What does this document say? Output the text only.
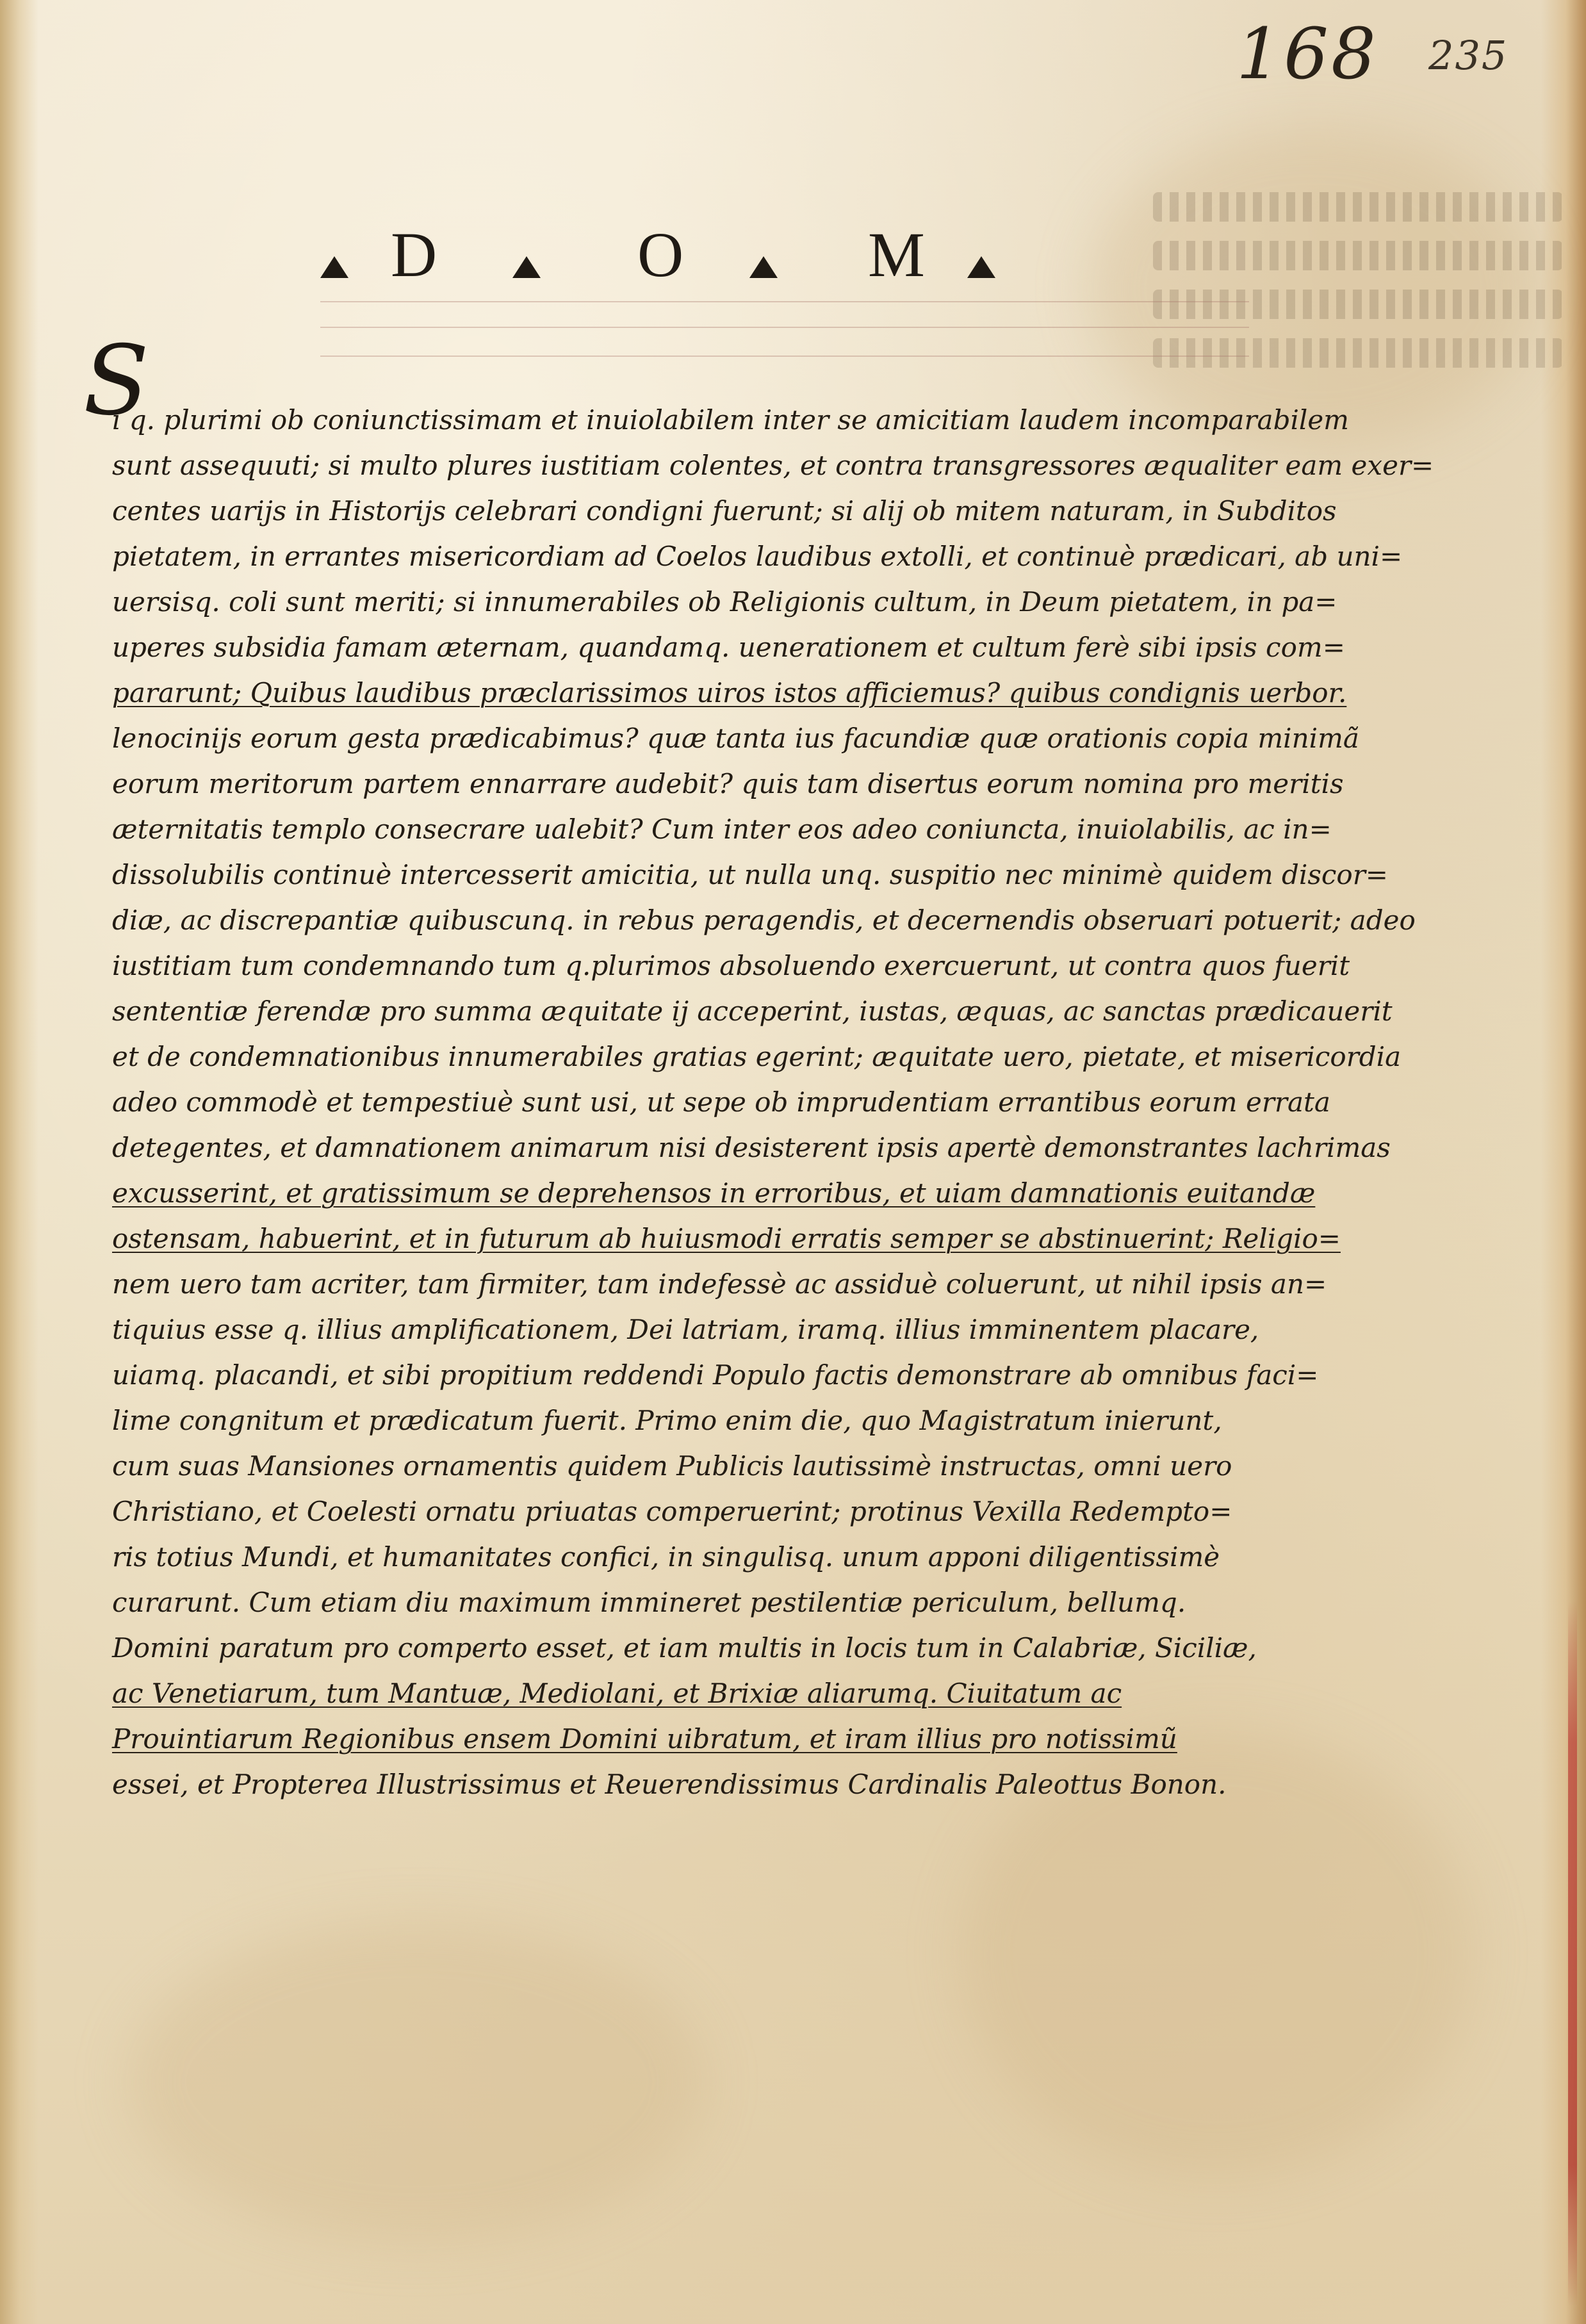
168 235
D	O	M
S
i q. plurimi ob coniunctissimam et inuiolabilem inter se amicitiam laudem incomparabilem
sunt assequuti; si multo plures iustitiam colentes, et contra transgressores æqualiter eam exer=
centes uarijs in Historijs celebrari condigni fuerunt; si alij ob mitem naturam, in Subditos
pietatem, in errantes misericordiam ad Coelos laudibus extolli, et continuè prædicari, ab uni=
uersisq. coli sunt meriti; si innumerabiles ob Religionis cultum, in Deum pietatem, in pa=
uperes subsidia famam æternam, quandamq. uenerationem et cultum ferè sibi ipsis com=
pararunt; Quibus laudibus præclarissimos uiros istos afficiemus? quibus condignis uerbor.
lenocinijs eorum gesta prædicabimus? quæ tanta ius facundiæ quæ orationis copia minimã
eorum meritorum partem ennarrare audebit? quis tam disertus eorum nomina pro meritis
æternitatis templo consecrare ualebit? Cum inter eos adeo coniuncta, inuiolabilis, ac in=
dissolubilis continuè intercesserit amicitia, ut nulla unq. suspitio nec minimè quidem discor=
diæ, ac discrepantiæ quibuscunq. in rebus peragendis, et decernendis obseruari potuerit; adeo
iustitiam tum condemnando tum q.plurimos absoluendo exercuerunt, ut contra quos fuerit
sententiæ ferendæ pro summa æquitate ij acceperint, iustas, æquas, ac sanctas prædicauerit
et de condemnationibus innumerabiles gratias egerint; æquitate uero, pietate, et misericordia
adeo commodè et tempestiuè sunt usi, ut sepe ob imprudentiam errantibus eorum errata
detegentes, et damnationem animarum nisi desisterent ipsis apertè demonstrantes lachrimas
excusserint, et gratissimum se deprehensos in erroribus, et uiam damnationis euitandæ
ostensam, habuerint, et in futurum ab huiusmodi erratis semper se abstinuerint; Religio=
nem uero tam acriter, tam firmiter, tam indefessè ac assiduè coluerunt, ut nihil ipsis an=
tiquius esse q. illius amplificationem, Dei latriam, iramq. illius imminentem placare,
uiamq. placandi, et sibi propitium reddendi Populo factis demonstrare ab omnibus faci=
lime congnitum et prædicatum fuerit. Primo enim die, quo Magistratum inierunt,
cum suas Mansiones ornamentis quidem Publicis lautissimè instructas, omni uero
Christiano, et Coelesti ornatu priuatas comperuerint; protinus Vexilla Redempto=
ris totius Mundi, et humanitates confici, in singulisq. unum apponi diligentissimè
curarunt. Cum etiam diu maximum immineret pestilentiæ periculum, bellumq.
Domini paratum pro comperto esset, et iam multis in locis tum in Calabriæ, Siciliæ,
ac Venetiarum, tum Mantuæ, Mediolani, et Brixiæ aliarumq. Ciuitatum ac
Prouintiarum Regionibus ensem Domini uibratum, et iram illius pro notissimũ
essei, et Propterea Illustrissimus et Reuerendissimus Cardinalis Paleottus Bonon.
